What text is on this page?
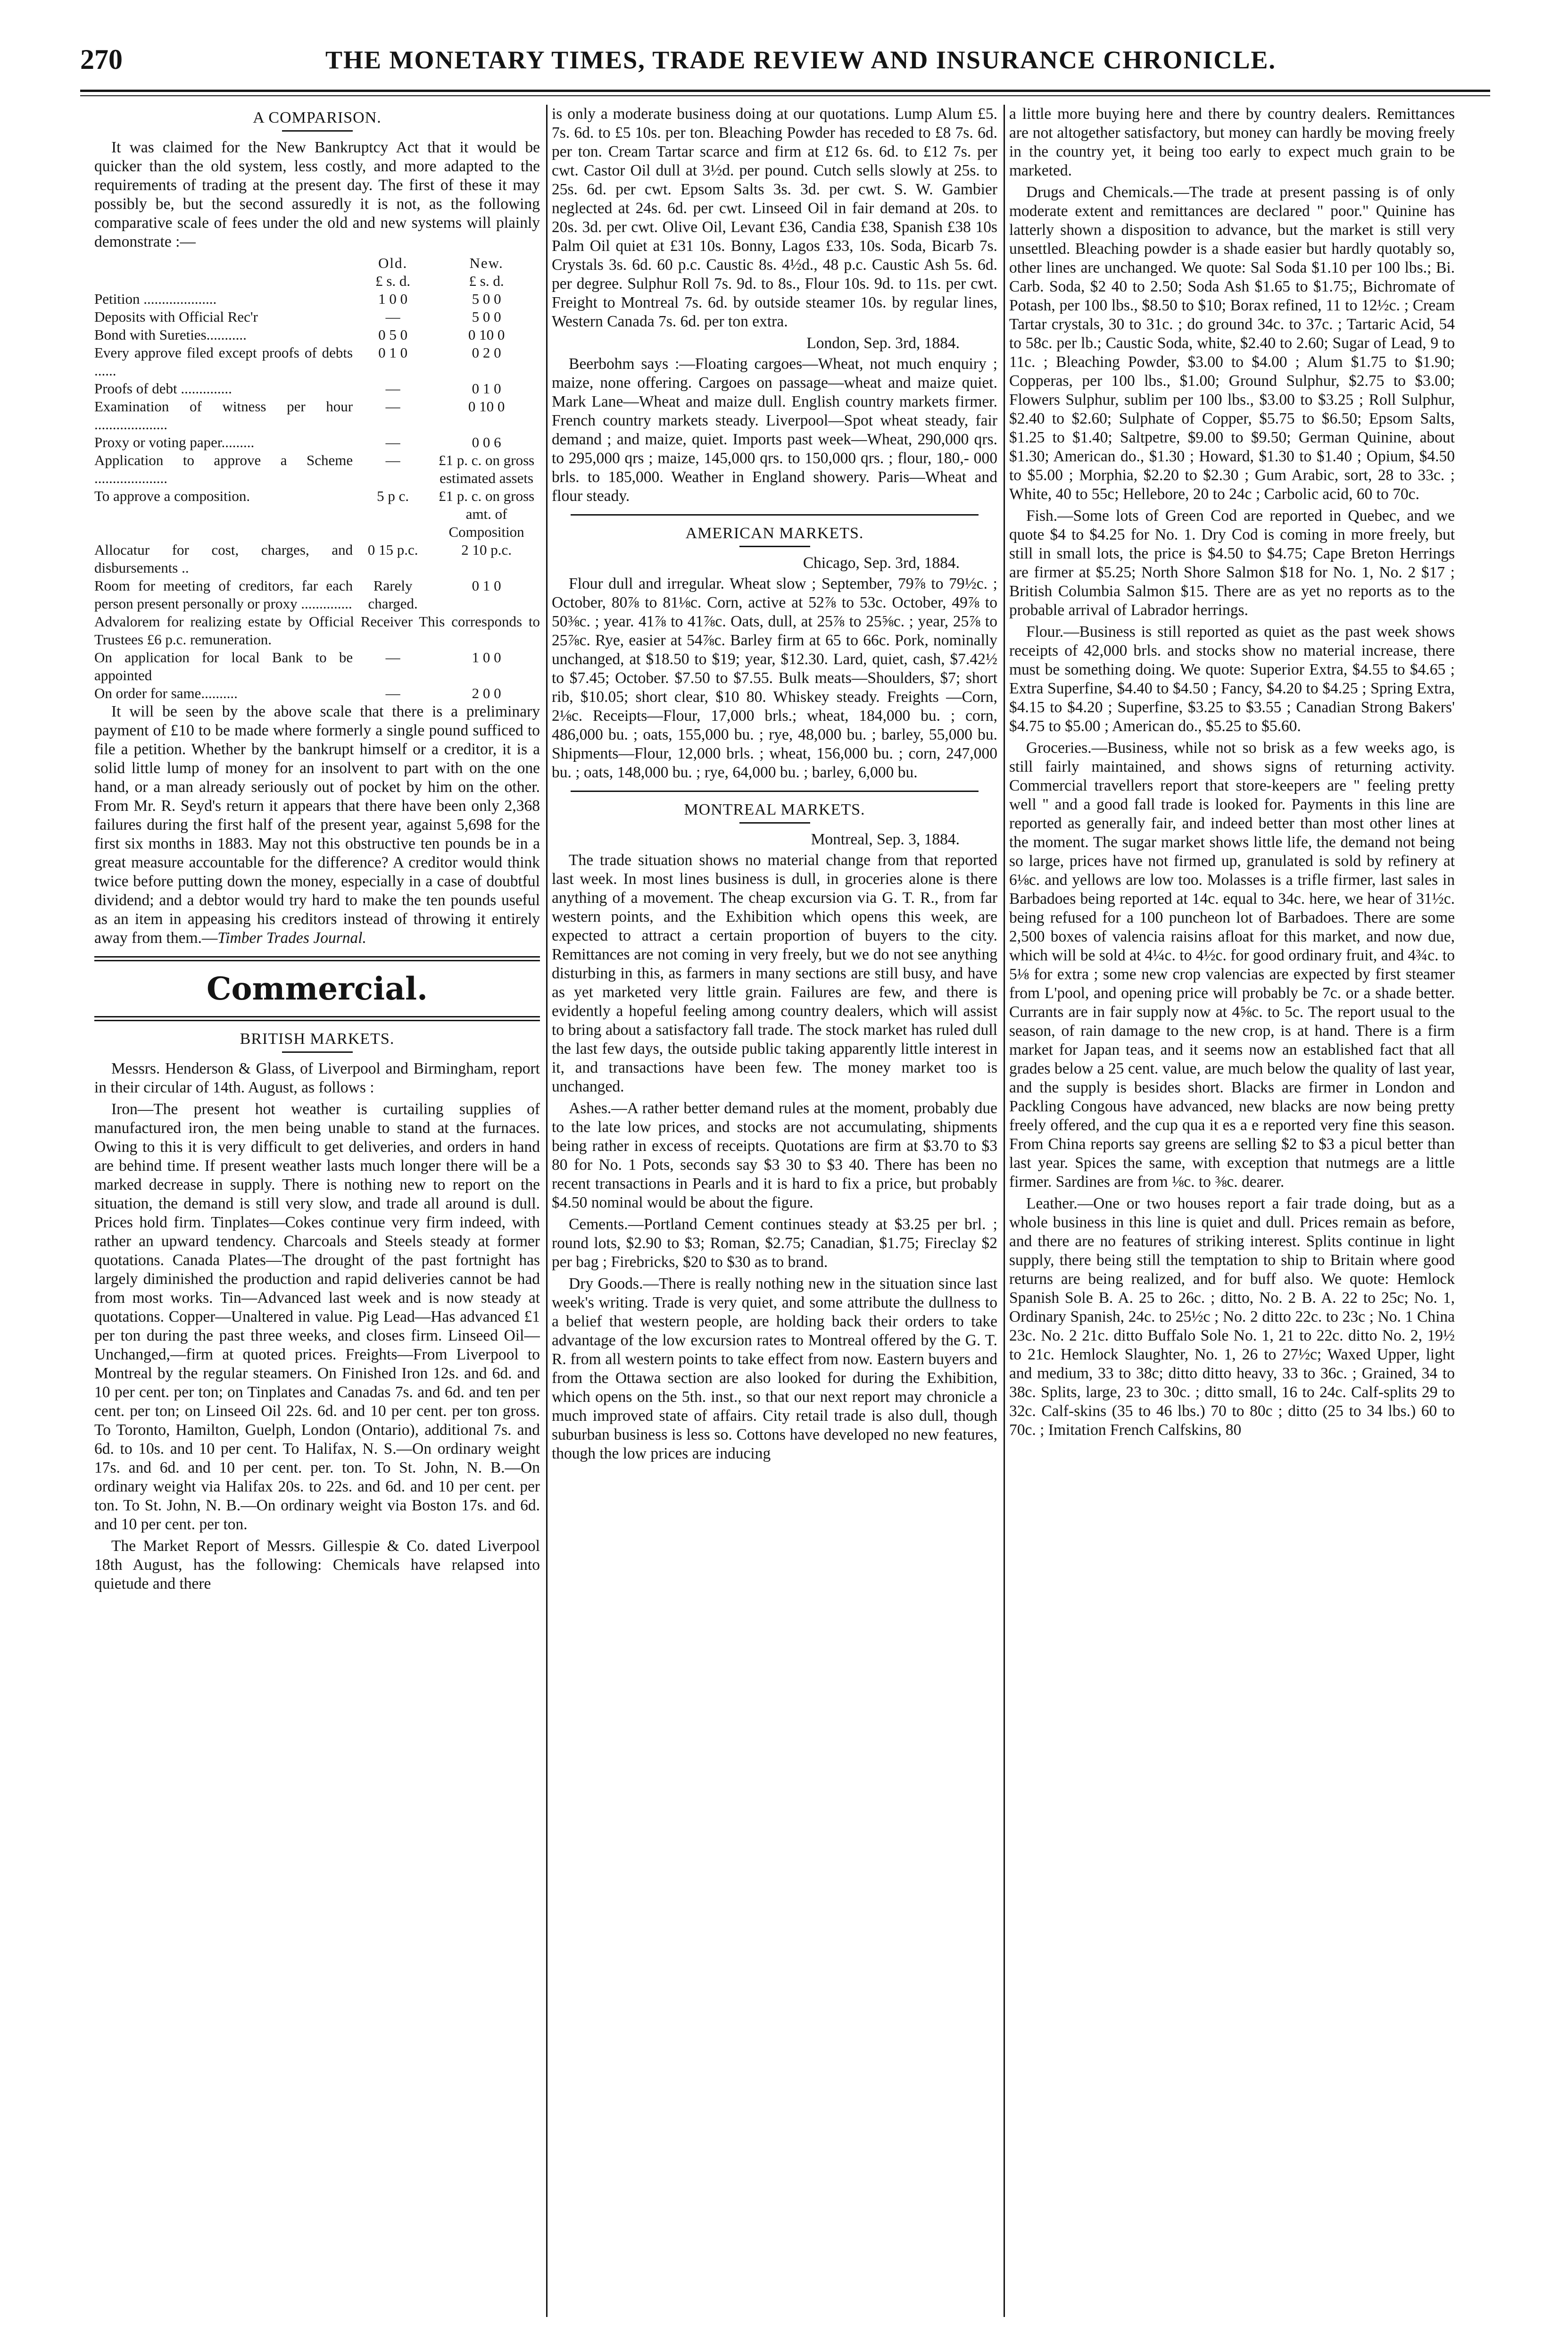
270	THE MONETARY TIMES, TRADE REVIEW AND INSURANCE CHRONICLE.
A COMPARISON.

It was claimed for the New Bankruptcy Act that it would be quicker than the old system, less costly, and more adapted to the requirements of trading at the present day. The first of these it may possibly be, but the second assuredly it is not, as the following comparative scale of fees under the old and new systems will plainly demonstrate :—

	Old.	New.
	£ s. d.	£ s. d.
Petition ....................	1 0 0	5 0 0
Deposits with Official Rec'r	—	5 0 0
Bond with Sureties...........	0 5 0	0 10 0
Every approve filed except proofs of debts ......	0 1 0	0 2 0
Proofs of debt ..............	—	0 1 0
Examination of witness per hour ....................	—	0 10 0
Proxy or voting paper.........	—	0 0 6
Application to approve a Scheme ....................	—	£1 p. c. on gross estimated assets
To approve a composition.	5 p c.	£1 p. c. on gross amt. of Composition
Allocatur for cost, charges, and disbursements ..	0 15 p.c.	2 10 p.c.
Room for meeting of creditors, far each person present personally or proxy ..............	Rarely charged.	0 1 0
Advalorem for realizing estate by Official Receiver This corresponds to Trustees £6 p.c. remuneration.		
On application for local Bank to be appointed	—	1 0 0
On order for same..........	—	2 0 0

It will be seen by the above scale that there is a preliminary payment of £10 to be made where formerly a single pound sufficed to file a petition. Whether by the bankrupt himself or a creditor, it is a solid little lump of money for an insolvent to part with on the one hand, or a man already seriously out of pocket by him on the other. From Mr. R. Seyd's return it appears that there have been only 2,368 failures during the first half of the present year, against 5,698 for the first six months in 1883. May not this obstructive ten pounds be in a great measure accountable for the difference? A creditor would think twice before putting down the money, especially in a case of doubtful dividend; and a debtor would try hard to make the ten pounds useful as an item in appeasing his creditors instead of throwing it entirely away from them.—Timber Trades Journal.

Commercial.
BRITISH MARKETS.

Messrs. Henderson & Glass, of Liverpool and Birmingham, report in their circular of 14th. August, as follows :

Iron—The present hot weather is curtailing supplies of manufactured iron, the men being unable to stand at the furnaces. Owing to this it is very difficult to get deliveries, and orders in hand are behind time. If present weather lasts much longer there will be a marked decrease in supply. There is nothing new to report on the situation, the demand is still very slow, and trade all around is dull. Prices hold firm. Tinplates—Cokes continue very firm indeed, with rather an upward tendency. Charcoals and Steels steady at former quotations. Canada Plates—The drought of the past fortnight has largely diminished the production and rapid deliveries cannot be had from most works. Tin—Advanced last week and is now steady at quotations. Copper—Unaltered in value. Pig Lead—Has advanced £1 per ton during the past three weeks, and closes firm. Linseed Oil—Unchanged,—firm at quoted prices. Freights—From Liverpool to Montreal by the regular steamers. On Finished Iron 12s. and 6d. and 10 per cent. per ton; on Tinplates and Canadas 7s. and 6d. and ten per cent. per ton; on Linseed Oil 22s. 6d. and 10 per cent. per ton gross. To Toronto, Hamilton, Guelph, London (Ontario), additional 7s. and 6d. to 10s. and 10 per cent. To Halifax, N. S.—On ordinary weight 17s. and 6d. and 10 per cent. per. ton. To St. John, N. B.—On ordinary weight via Halifax 20s. to 22s. and 6d. and 10 per cent. per ton. To St. John, N. B.—On ordinary weight via Boston 17s. and 6d. and 10 per cent. per ton.

The Market Report of Messrs. Gillespie & Co. dated Liverpool 18th August, has the following: Chemicals have relapsed into quietude and there

is only a moderate business doing at our quotations. Lump Alum £5. 7s. 6d. to £5 10s. per ton. Bleaching Powder has receded to £8 7s. 6d. per ton. Cream Tartar scarce and firm at £12 6s. 6d. to £12 7s. per cwt. Castor Oil dull at 3½d. per pound. Cutch sells slowly at 25s. to 25s. 6d. per cwt. Epsom Salts 3s. 3d. per cwt. S. W. Gambier neglected at 24s. 6d. per cwt. Linseed Oil in fair demand at 20s. to 20s. 3d. per cwt. Olive Oil, Levant £36, Candia £38, Spanish £38 10s Palm Oil quiet at £31 10s. Bonny, Lagos £33, 10s. Soda, Bicarb 7s. Crystals 3s. 6d. 60 p.c. Caustic 8s. 4½d., 48 p.c. Caustic Ash 5s. 6d. per degree. Sulphur Roll 7s. 9d. to 8s., Flour 10s. 9d. to 11s. per cwt. Freight to Montreal 7s. 6d. by outside steamer 10s. by regular lines, Western Canada 7s. 6d. per ton extra.

London, Sep. 3rd, 1884.

Beerbohm says :—Floating cargoes—Wheat, not much enquiry ; maize, none offering. Cargoes on passage—wheat and maize quiet. Mark Lane—Wheat and maize dull. English country markets firmer. French country markets steady. Liverpool—Spot wheat steady, fair demand ; and maize, quiet. Imports past week—Wheat, 290,000 qrs. to 295,000 qrs ; maize, 145,000 qrs. to 150,000 qrs. ; flour, 180,- 000 brls. to 185,000. Weather in England showery. Paris—Wheat and flour steady.

AMERICAN MARKETS.
Chicago, Sep. 3rd, 1884.

Flour dull and irregular. Wheat slow ; September, 79⅞ to 79½c. ; October, 80⅞ to 81⅛c. Corn, active at 52⅞ to 53c. October, 49⅞ to 50⅜c. ; year. 41⅞ to 41⅞c. Oats, dull, at 25⅞ to 25⅝c. ; year, 25⅞ to 25⅞c. Rye, easier at 54⅞c. Barley firm at 65 to 66c. Pork, nominally unchanged, at $18.50 to $19; year, $12.30. Lard, quiet, cash, $7.42½ to $7.45; October. $7.50 to $7.55. Bulk meats—Shoulders, $7; short rib, $10.05; short clear, $10 80. Whiskey steady. Freights —Corn, 2⅛c. Receipts—Flour, 17,000 brls.; wheat, 184,000 bu. ; corn, 486,000 bu. ; oats, 155,000 bu. ; rye, 48,000 bu. ; barley, 55,000 bu. Shipments—Flour, 12,000 brls. ; wheat, 156,000 bu. ; corn, 247,000 bu. ; oats, 148,000 bu. ; rye, 64,000 bu. ; barley, 6,000 bu.

MONTREAL MARKETS.
Montreal, Sep. 3, 1884.

The trade situation shows no material change from that reported last week. In most lines business is dull, in groceries alone is there anything of a movement. The cheap excursion via G. T. R., from far western points, and the Exhibition which opens this week, are expected to attract a certain proportion of buyers to the city. Remittances are not coming in very freely, but we do not see anything disturbing in this, as farmers in many sections are still busy, and have as yet marketed very little grain. Failures are few, and there is evidently a hopeful feeling among country dealers, which will assist to bring about a satisfactory fall trade. The stock market has ruled dull the last few days, the outside public taking apparently little interest in it, and transactions have been few. The money market too is unchanged.

Ashes.—A rather better demand rules at the moment, probably due to the late low prices, and stocks are not accumulating, shipments being rather in excess of receipts. Quotations are firm at $3.70 to $3 80 for No. 1 Pots, seconds say $3 30 to $3 40. There has been no recent transactions in Pearls and it is hard to fix a price, but probably $4.50 nominal would be about the figure.

Cements.—Portland Cement continues steady at $3.25 per brl. ; round lots, $2.90 to $3; Roman, $2.75; Canadian, $1.75; Fireclay $2 per bag ; Firebricks, $20 to $30 as to brand.

Dry Goods.—There is really nothing new in the situation since last week's writing. Trade is very quiet, and some attribute the dullness to a belief that western people, are holding back their orders to take advantage of the low excursion rates to Montreal offered by the G. T. R. from all western points to take effect from now. Eastern buyers and from the Ottawa section are also looked for during the Exhibition, which opens on the 5th. inst., so that our next report may chronicle a much improved state of affairs. City retail trade is also dull, though suburban business is less so. Cottons have developed no new features, though the low prices are inducing

a little more buying here and there by country dealers. Remittances are not altogether satisfactory, but money can hardly be moving freely in the country yet, it being too early to expect much grain to be marketed.

Drugs and Chemicals.—The trade at present passing is of only moderate extent and remittances are declared " poor." Quinine has latterly shown a disposition to advance, but the market is still very unsettled. Bleaching powder is a shade easier but hardly quotably so, other lines are unchanged. We quote: Sal Soda $1.10 per 100 lbs.; Bi. Carb. Soda, $2 40 to 2.50; Soda Ash $1.65 to $1.75;, Bichromate of Potash, per 100 lbs., $8.50 to $10; Borax refined, 11 to 12½c. ; Cream Tartar crystals, 30 to 31c. ; do ground 34c. to 37c. ; Tartaric Acid, 54 to 58c. per lb.; Caustic Soda, white, $2.40 to 2.60; Sugar of Lead, 9 to 11c. ; Bleaching Powder, $3.00 to $4.00 ; Alum $1.75 to $1.90; Copperas, per 100 lbs., $1.00; Ground Sulphur, $2.75 to $3.00; Flowers Sulphur, sublim per 100 lbs., $3.00 to $3.25 ; Roll Sulphur, $2.40 to $2.60; Sulphate of Copper, $5.75 to $6.50; Epsom Salts, $1.25 to $1.40; Saltpetre, $9.00 to $9.50; German Quinine, about $1.30; American do., $1.30 ; Howard, $1.30 to $1.40 ; Opium, $4.50 to $5.00 ; Morphia, $2.20 to $2.30 ; Gum Arabic, sort, 28 to 33c. ; White, 40 to 55c; Hellebore, 20 to 24c ; Carbolic acid, 60 to 70c.

Fish.—Some lots of Green Cod are reported in Quebec, and we quote $4 to $4.25 for No. 1. Dry Cod is coming in more freely, but still in small lots, the price is $4.50 to $4.75; Cape Breton Herrings are firmer at $5.25; North Shore Salmon $18 for No. 1, No. 2 $17 ; British Columbia Salmon $15. There are as yet no reports as to the probable arrival of Labrador herrings.

Flour.—Business is still reported as quiet as the past week shows receipts of 42,000 brls. and stocks show no material increase, there must be something doing. We quote: Superior Extra, $4.55 to $4.65 ; Extra Superfine, $4.40 to $4.50 ; Fancy, $4.20 to $4.25 ; Spring Extra, $4.15 to $4.20 ; Superfine, $3.25 to $3.55 ; Canadian Strong Bakers' $4.75 to $5.00 ; American do., $5.25 to $5.60.

Groceries.—Business, while not so brisk as a few weeks ago, is still fairly maintained, and shows signs of returning activity. Commercial travellers report that store-keepers are " feeling pretty well " and a good fall trade is looked for. Payments in this line are reported as generally fair, and indeed better than most other lines at the moment. The sugar market shows little life, the demand not being so large, prices have not firmed up, granulated is sold by refinery at 6⅛c. and yellows are low too. Molasses is a trifle firmer, last sales in Barbadoes being reported at 14c. equal to 34c. here, we hear of 31½c. being refused for a 100 puncheon lot of Barbadoes. There are some 2,500 boxes of valencia raisins afloat for this market, and now due, which will be sold at 4¼c. to 4½c. for good ordinary fruit, and 4¾c. to 5⅛ for extra ; some new crop valencias are expected by first steamer from L'pool, and opening price will probably be 7c. or a shade better. Currants are in fair supply now at 4⅝c. to 5c. The report usual to the season, of rain damage to the new crop, is at hand. There is a firm market for Japan teas, and it seems now an established fact that all grades below a 25 cent. value, are much below the quality of last year, and the supply is besides short. Blacks are firmer in London and Packling Congous have advanced, new blacks are now being pretty freely offered, and the cup qua it es a e reported very fine this season. From China reports say greens are selling $2 to $3 a picul better than last year. Spices the same, with exception that nutmegs are a little firmer. Sardines are from ⅛c. to ⅜c. dearer.

Leather.—One or two houses report a fair trade doing, but as a whole business in this line is quiet and dull. Prices remain as before, and there are no features of striking interest. Splits continue in light supply, there being still the temptation to ship to Britain where good returns are being realized, and for buff also. We quote: Hemlock Spanish Sole B. A. 25 to 26c. ; ditto, No. 2 B. A. 22 to 25c; No. 1, Ordinary Spanish, 24c. to 25½c ; No. 2 ditto 22c. to 23c ; No. 1 China 23c. No. 2 21c. ditto Buffalo Sole No. 1, 21 to 22c. ditto No. 2, 19½ to 21c. Hemlock Slaughter, No. 1, 26 to 27½c; Waxed Upper, light and medium, 33 to 38c; ditto ditto heavy, 33 to 36c. ; Grained, 34 to 38c. Splits, large, 23 to 30c. ; ditto small, 16 to 24c. Calf-splits 29 to 32c. Calf-skins (35 to 46 lbs.) 70 to 80c ; ditto (25 to 34 lbs.) 60 to 70c. ; Imitation French Calfskins, 80
